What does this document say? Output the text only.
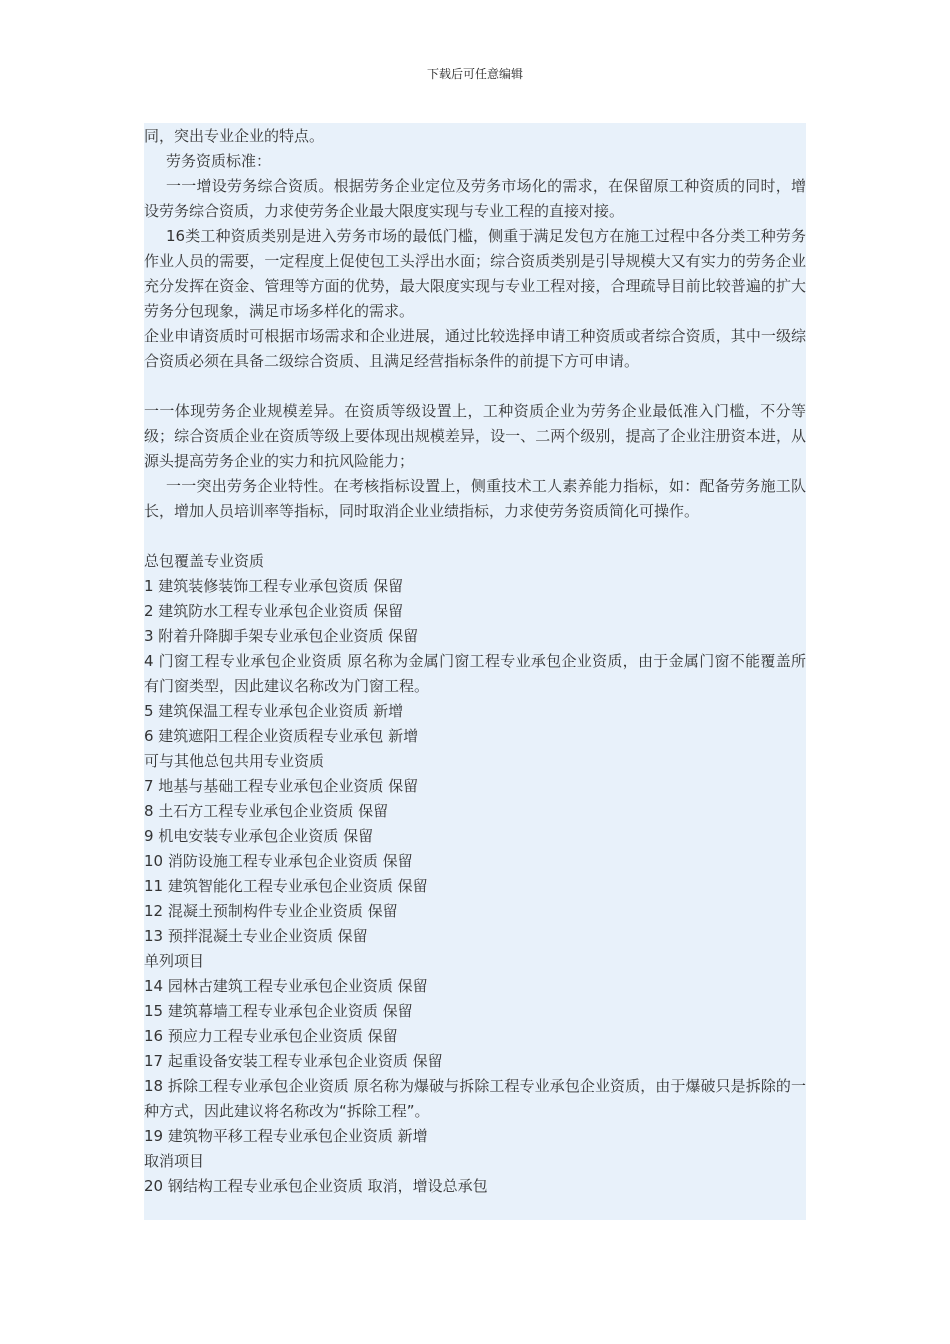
下载后可任意编辑

同，突出专业企业的特点。

劳务资质标准：

一一增设劳务综合资质。根据劳务企业定位及劳务市场化的需求，在保留原工种资质的同时，增设劳务综合资质，力求使劳务企业最大限度实现与专业工程的直接对接。

16类工种资质类别是进入劳务市场的最低门槛，侧重于满足发包方在施工过程中各分类工种劳务作业人员的需要，一定程度上促使包工头浮出水面；综合资质类别是引导规模大又有实力的劳务企业充分发挥在资金、管理等方面的优势，最大限度实现与专业工程对接，合理疏导目前比较普遍的扩大劳务分包现象，满足市场多样化的需求。

企业申请资质时可根据市场需求和企业进展，通过比较选择申请工种资质或者综合资质，其中一级综合资质必须在具备二级综合资质、且满足经营指标条件的前提下方可申请。

一一体现劳务企业规模差异。在资质等级设置上，工种资质企业为劳务企业最低准入门槛，不分等级；综合资质企业在资质等级上要体现出规模差异，设一、二两个级别，提高了企业注册资本进，从源头提高劳务企业的实力和抗风险能力；

一一突出劳务企业特性。在考核指标设置上，侧重技术工人素养能力指标，如：配备劳务施工队长，增加人员培训率等指标，同时取消企业业绩指标，力求使劳务资质简化可操作。

总包覆盖专业资质

1 建筑装修装饰工程专业承包资质 保留

2 建筑防水工程专业承包企业资质 保留

3 附着升降脚手架专业承包企业资质 保留

4 门窗工程专业承包企业资质 原名称为金属门窗工程专业承包企业资质，由于金属门窗不能覆盖所有门窗类型，因此建议名称改为门窗工程。

5 建筑保温工程专业承包企业资质 新增

6 建筑遮阳工程企业资质程专业承包 新增

可与其他总包共用专业资质

7 地基与基础工程专业承包企业资质 保留

8 土石方工程专业承包企业资质 保留

9 机电安装专业承包企业资质 保留

10 消防设施工程专业承包企业资质 保留

11 建筑智能化工程专业承包企业资质 保留

12 混凝土预制构件专业企业资质 保留

13 预拌混凝土专业企业资质 保留

单列项目

14 园林古建筑工程专业承包企业资质 保留

15 建筑幕墙工程专业承包企业资质 保留

16 预应力工程专业承包企业资质 保留

17 起重设备安装工程专业承包企业资质 保留

18 拆除工程专业承包企业资质 原名称为爆破与拆除工程专业承包企业资质，由于爆破只是拆除的一种方式，因此建议将名称改为“拆除工程”。

19 建筑物平移工程专业承包企业资质 新增

取消项目

20 钢结构工程专业承包企业资质 取消，增设总承包
